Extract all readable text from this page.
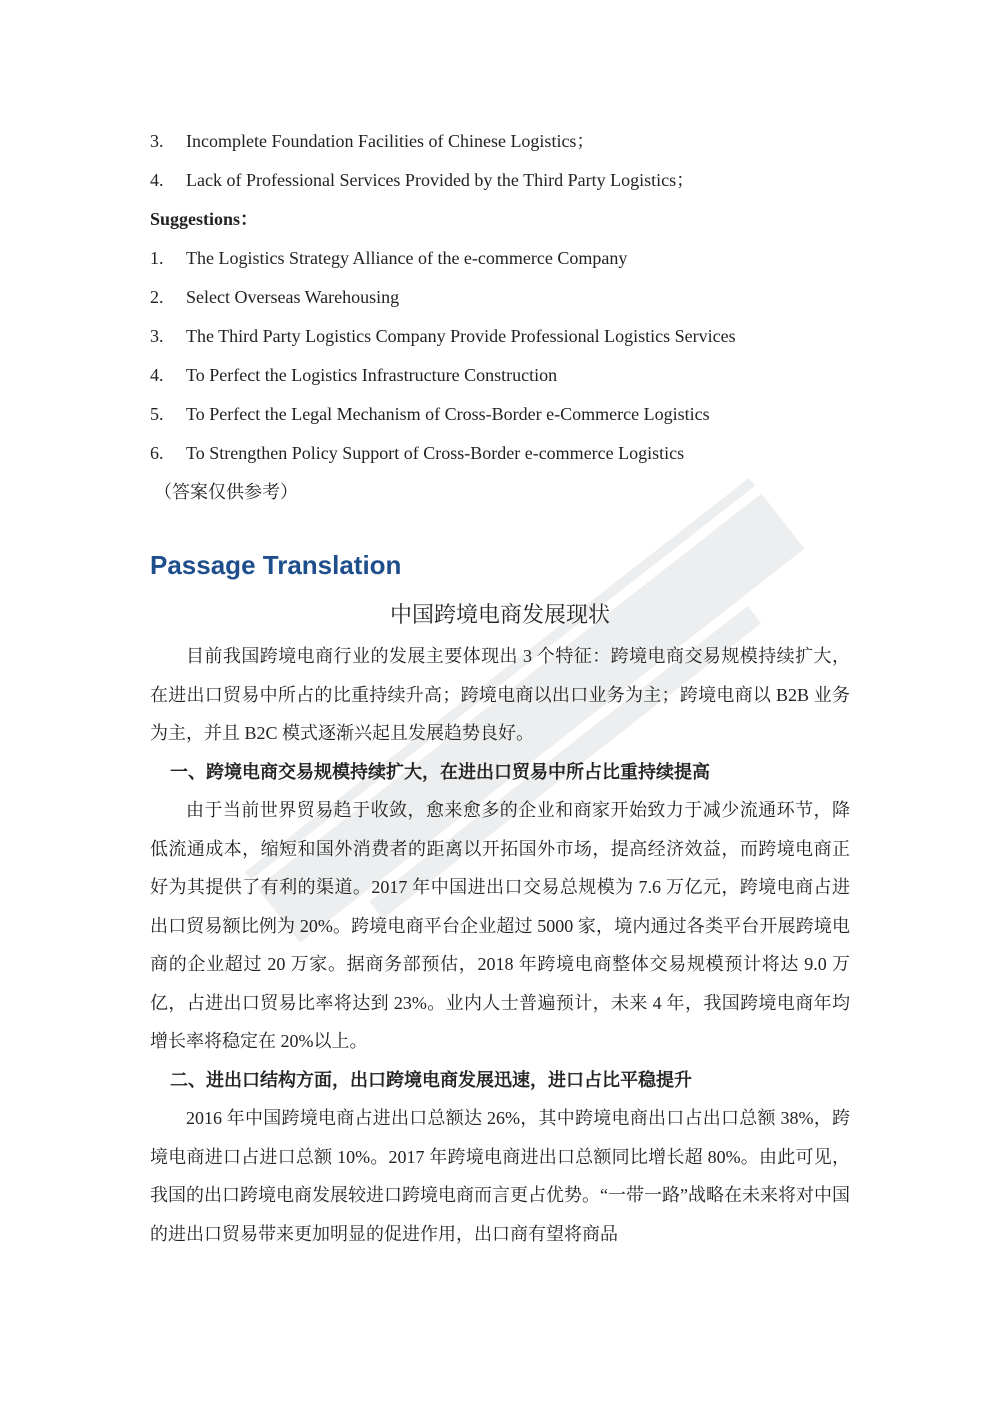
3. Incomplete Foundation Facilities of Chinese Logistics；
4. Lack of Professional Services Provided by the Third Party Logistics；
Suggestions：
1. The Logistics Strategy Alliance of the e-commerce Company
2. Select Overseas Warehousing
3. The Third Party Logistics Company Provide Professional Logistics Services
4. To Perfect the Logistics Infrastructure Construction
5. To Perfect the Legal Mechanism of Cross-Border e-Commerce Logistics
6. To Strengthen Policy Support of Cross-Border e-commerce Logistics
（答案仅供参考）
Passage Translation
中国跨境电商发展现状

目前我国跨境电商行业的发展主要体现出 3 个特征：跨境电商交易规模持续扩大，在进出口贸易中所占的比重持续升高；跨境电商以出口业务为主；跨境电商以 B2B 业务为主，并且 B2C 模式逐渐兴起且发展趋势良好。

一、跨境电商交易规模持续扩大，在进出口贸易中所占比重持续提高

由于当前世界贸易趋于收敛，愈来愈多的企业和商家开始致力于减少流通环节，降低流通成本，缩短和国外消费者的距离以开拓国外市场，提高经济效益，而跨境电商正好为其提供了有利的渠道。2017 年中国进出口交易总规模为 7.6 万亿元，跨境电商占进出口贸易额比例为 20%。跨境电商平台企业超过 5000 家，境内通过各类平台开展跨境电商的企业超过 20 万家。据商务部预估，2018 年跨境电商整体交易规模预计将达 9.0 万亿，占进出口贸易比率将达到 23%。业内人士普遍预计，未来 4 年，我国跨境电商年均增长率将稳定在 20%以上。

二、进出口结构方面，出口跨境电商发展迅速，进口占比平稳提升

2016 年中国跨境电商占进出口总额达 26%，其中跨境电商出口占出口总额 38%，跨境电商进口占进口总额 10%。2017 年跨境电商进出口总额同比增长超 80%。由此可见，我国的出口跨境电商发展较进口跨境电商而言更占优势。“一带一路”战略在未来将对中国的进出口贸易带来更加明显的促进作用，出口商有望将商品
